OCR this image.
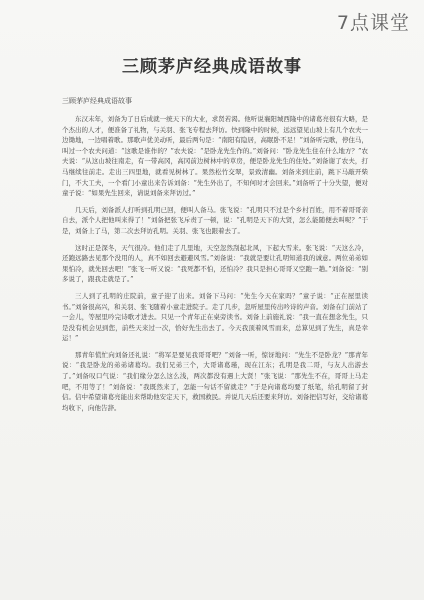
7点课堂
三顾茅庐经典成语故事
三顾茅庐经典成语故事

东汉末年，刘备为了日后成就一统天下的大业，求贤若渴。他听说襄阳城西隆中的诸葛亮很有大略，是个杰出的人才，便准备了礼物，与关羽、张飞专程去拜访。快到隆中的时候，远远望见山坡上有几个农夫一边锄地，一边唱着歌。那歌声优美动听，最后两句是：“南阳有隐居，高眠卧不足！”刘备听完歌，停住马，叫过一个农夫问道：“这歌是谁作的？”农夫说：“是卧龙先生作的。”刘备问：“卧龙先生住在什么地方？”农夫说：“从这山坡往南走，有一带高冈，高冈前边树林中的草房，便是卧龙先生的住处。”刘备谢了农夫，打马继续往前走。走出三四里地，就看见树林了。果然松竹交翠，景致清幽。刘备来到庄前，跳下马敲开柴门，不大工夫，一个看门小童出来告诉刘备：“先生外出了，不知何时才会回来。”刘备听了十分失望，便对童子说：“如果先生回来，请说刘备来拜访过。”

几天后，刘备派人打听到孔明已回，便叫人备马。张飞说：“孔明只不过是个乡村百姓，用不着哥哥亲自去，派个人把他叫来得了！”刘备把张飞斥责了一顿，说：“孔明是天下的大贤，怎么能随便去叫呢？”于是，刘备上了马，第二次去拜访孔明。关羽、张飞也跟着去了。

这时正是深冬，天气很冷。他们走了几里地，天空忽然刮起北风，下起大雪来。张飞说：“天这么冷，还跑远路去见那个没用的人，真不如回去避避风雪。”刘备说：“我就是要让孔明知道我的诚意。两位弟弟如果怕冷，就先回去吧！”张飞一听又说：“我死都不怕，还怕冷？我只是担心哥哥又空跑一趟。”刘备说：“别多说了，跟我走就是了。”

三人到了孔明的庄院前，童子迎了出来。刘备下马问：“先生今天在家吗？”童子说：“正在屋里读书。”刘备很高兴，和关羽、张飞随着小童走进院子。走了几步，忽听屋里传出吟诗的声音。刘备在门前站了一会儿，等屋里吟完诗歌才进去。只见一个青年正在桌旁读书。刘备上前施礼说：“我一直在想念先生，只是没有机会见到您，前些天来过一次，恰好先生出去了。今天我顶着风雪而来，总算见到了先生，真是幸运！”

那青年慌忙向刘备还礼说：“将军是要见我哥哥吧？”刘备一听，惊讶地问：“先生不是卧龙？”那青年说：“我是卧龙的弟弟诸葛均。我们兄弟三个，大哥诸葛瑾，现在江东；孔明是我二哥，与友人出游去了。”刘备叹口气说：“我们缘分怎么这么浅，两次都没有遇上大贤！”张飞说：“那先生不在，哥哥上马走吧，不用等了！”刘备说：“我既然来了，怎能一句话不留就走？”于是向诸葛均要了纸笔，给孔明留了封信。信中希望诸葛亮能出来帮助他安定天下，救国救民。并说几天后还要来拜访。刘备把信写好，交给诸葛均收下，向他告辞。
